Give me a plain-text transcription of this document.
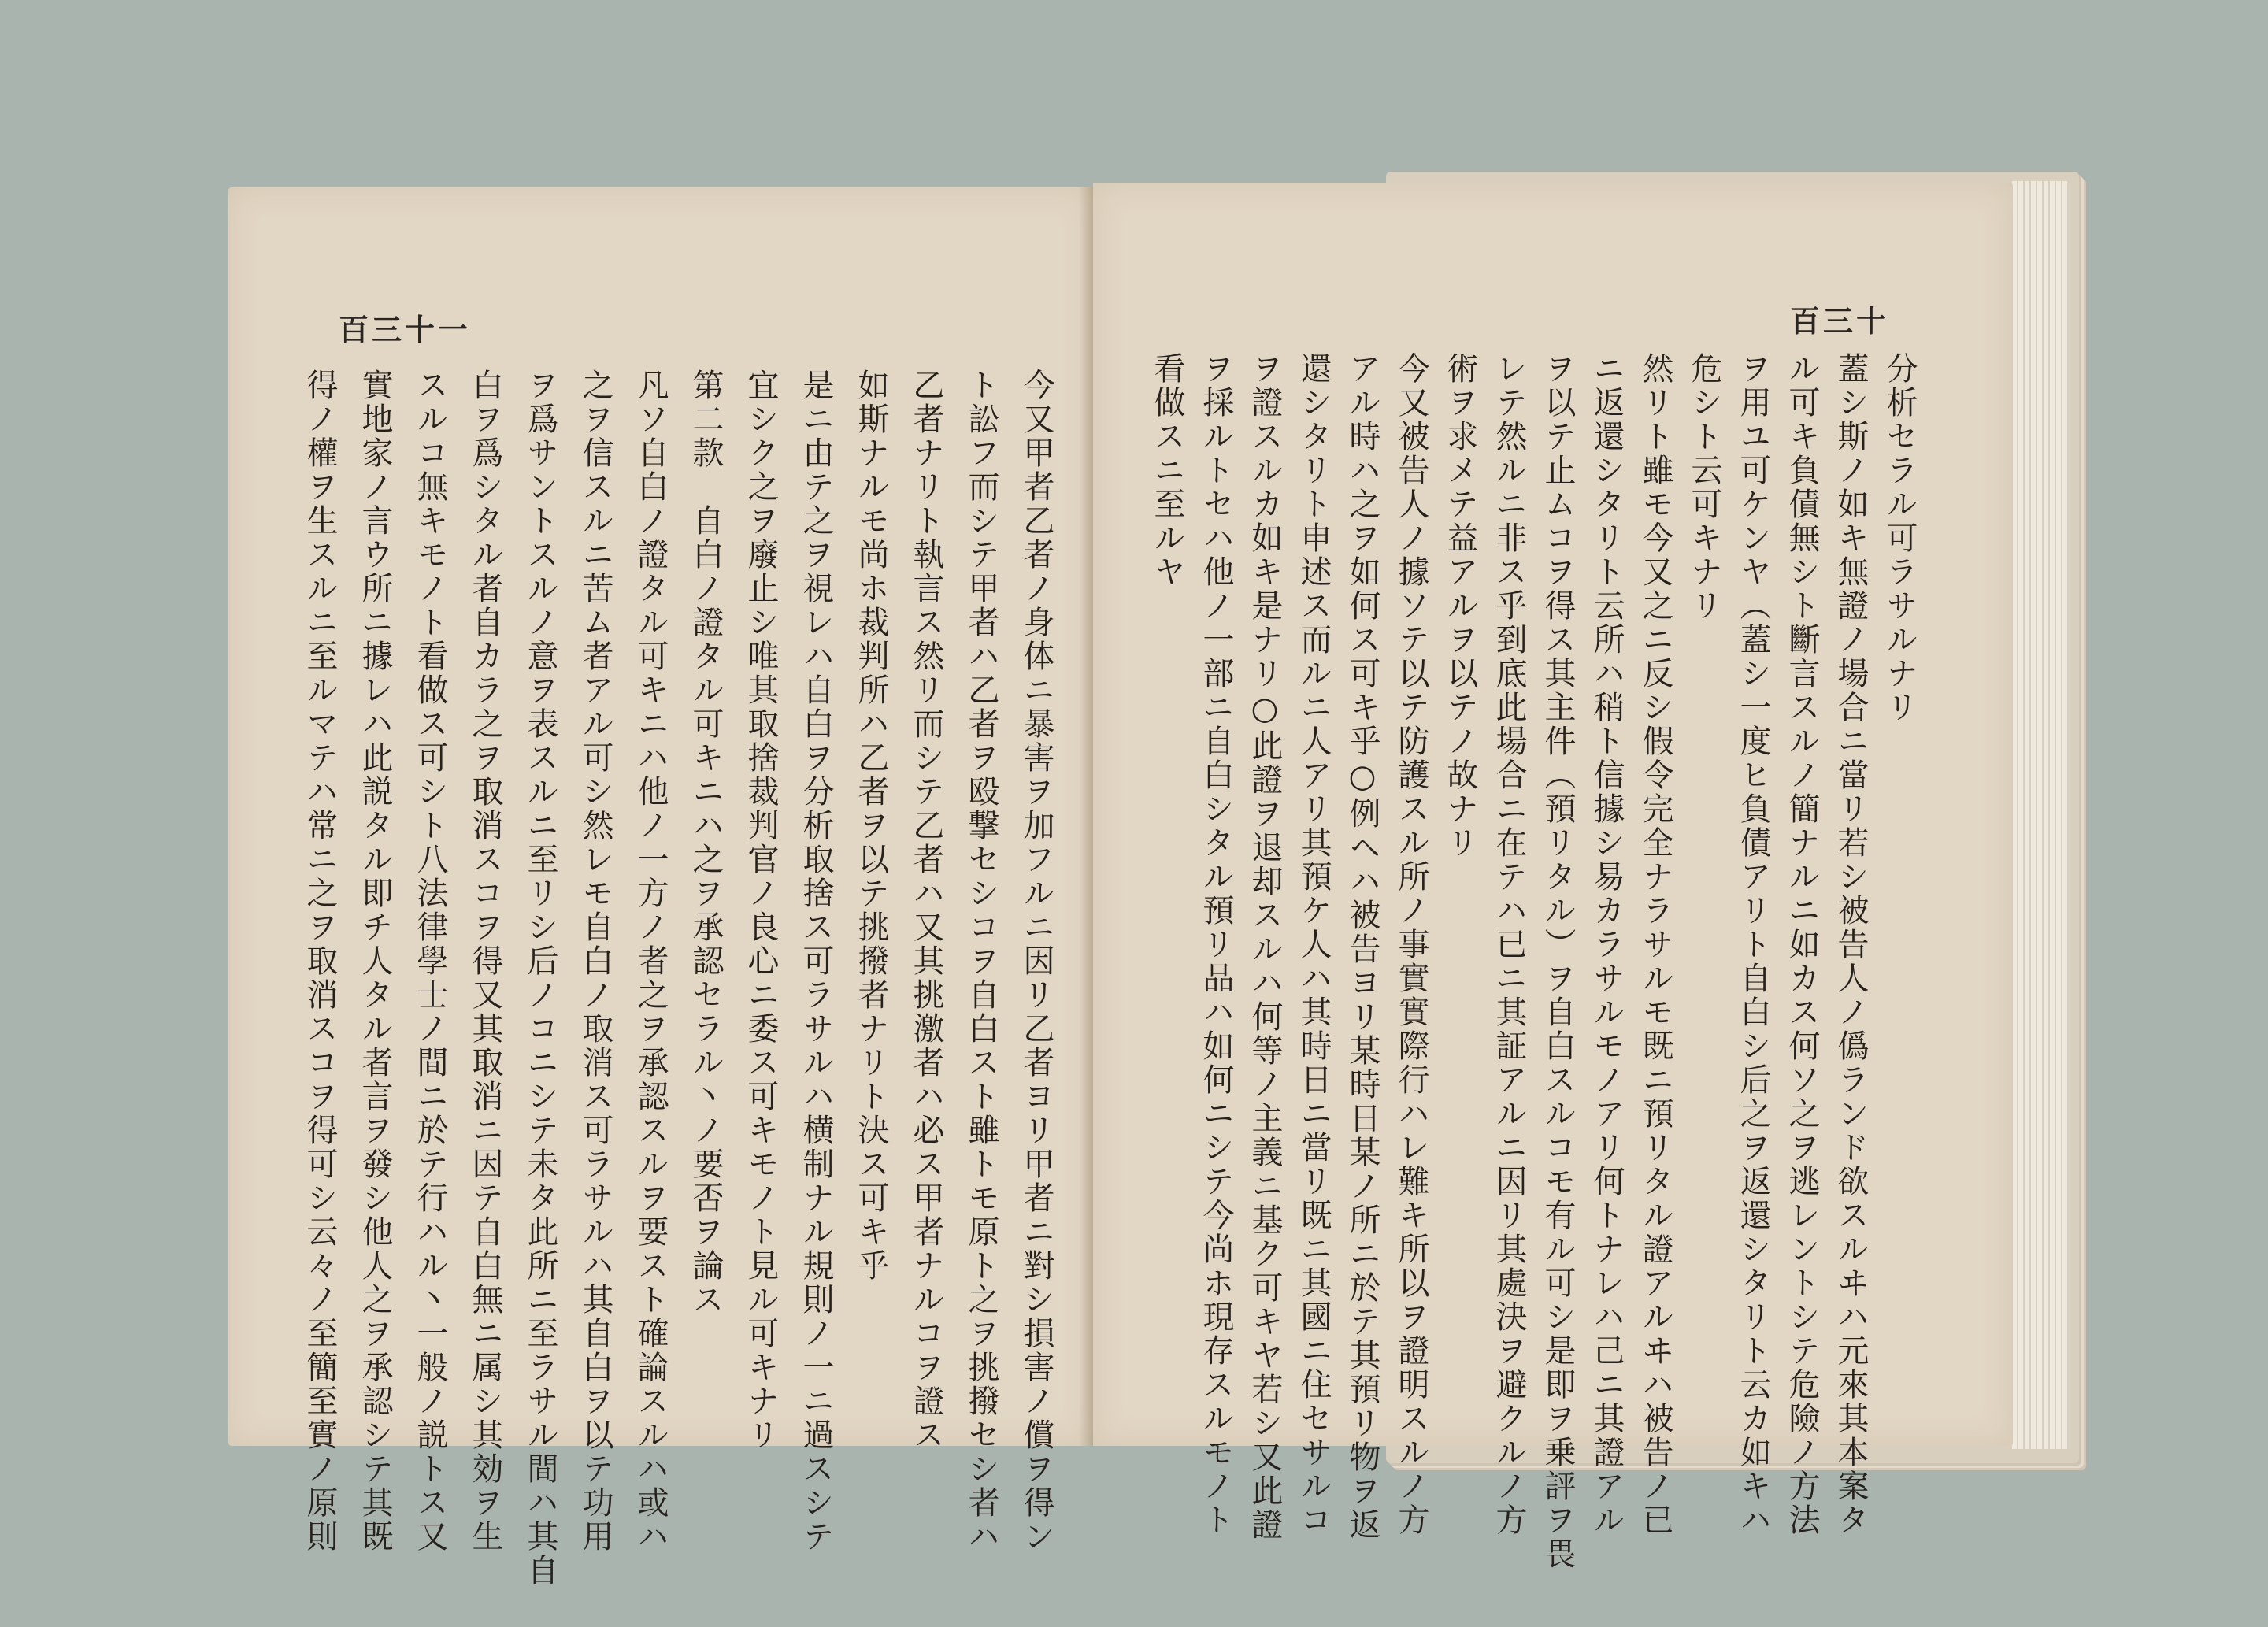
百三十一
今又甲者乙者ノ身体ニ暴害ヲ加フルニ因リ乙者ヨリ甲者ニ對シ損害ノ償ヲ得ン
ト訟フ而シテ甲者ハ乙者ヲ殴撃セシコヲ自白スト雖トモ原ト之ヲ挑撥セシ者ハ
乙者ナリト執言ス然リ而シテ乙者ハ又其挑激者ハ必ス甲者ナルコヲ證ス
如斯ナルモ尚ホ裁判所ハ乙者ヲ以テ挑撥者ナリト決ス可キ乎
是ニ由テ之ヲ視レハ自白ヲ分析取捨ス可ラサルハ横制ナル規則ノ一ニ過スシテ
宜シク之ヲ廢止シ唯其取捨裁判官ノ良心ニ委ス可キモノト見ル可キナリ
第二款　自白ノ證タル可キニハ之ヲ承認セラル丶ノ要否ヲ論ス
凡ソ自白ノ證タル可キニハ他ノ一方ノ者之ヲ承認スルヲ要スト確論スルハ或ハ
之ヲ信スルニ苦ム者アル可シ然レモ自白ノ取消ス可ラサルハ其自白ヲ以テ功用
ヲ爲サントスルノ意ヲ表スルニ至リシ后ノコニシテ未タ此所ニ至ラサル間ハ其自
白ヲ爲シタル者自カラ之ヲ取消スコヲ得又其取消ニ因テ自白無ニ属シ其効ヲ生
スルコ無キモノト看做ス可シト八法律學士ノ間ニ於テ行ハル丶一般ノ説トス又
實地家ノ言ウ所ニ據レハ此説タル即チ人タル者言ヲ發シ他人之ヲ承認シテ其既
得ノ權ヲ生スルニ至ルマテハ常ニ之ヲ取消スコヲ得可シ云々ノ至簡至實ノ原則
百三十
分析セラル可ラサルナリ
蓋シ斯ノ如キ無證ノ場合ニ當リ若シ被告人ノ僞ランド欲スルヰハ元來其本案タ
ル可キ負債無シト斷言スルノ簡ナルニ如カス何ソ之ヲ逃レントシテ危險ノ方法
ヲ用ユ可ケンヤ（蓋シ一度ヒ負債アリト自白シ后之ヲ返還シタリト云カ如キハ
危シト云可キナリ
然リト雖モ今又之ニ反シ假令完全ナラサルモ既ニ預リタル證アルヰハ被告ノ已
ニ返還シタリト云所ハ稍ト信據シ易カラサルモノアリ何トナレハ己ニ其證アル
ヲ以テ止ムコヲ得ス其主件（預リタル）ヲ自白スルコモ有ル可シ是即ヲ乗評ヲ畏
レテ然ルニ非ス乎到底此場合ニ在テハ已ニ其証アルニ因リ其處決ヲ避クルノ方
術ヲ求メテ益アルヲ以テノ故ナリ
今又被告人ノ據ソテ以テ防護スル所ノ事實實際行ハレ難キ所以ヲ證明スルノ方
アル時ハ之ヲ如何ス可キ乎○例ヘハ被告ヨリ某時日某ノ所ニ於テ其預リ物ヲ返
還シタリト申述ス而ルニ人アリ其預ケ人ハ其時日ニ當リ既ニ其國ニ住セサルコ
ヲ證スルカ如キ是ナリ○此證ヲ退却スルハ何等ノ主義ニ基ク可キヤ若シ又此證
ヲ採ルトセハ他ノ一部ニ自白シタル預リ品ハ如何ニシテ今尚ホ現存スルモノト
看做スニ至ルヤ
